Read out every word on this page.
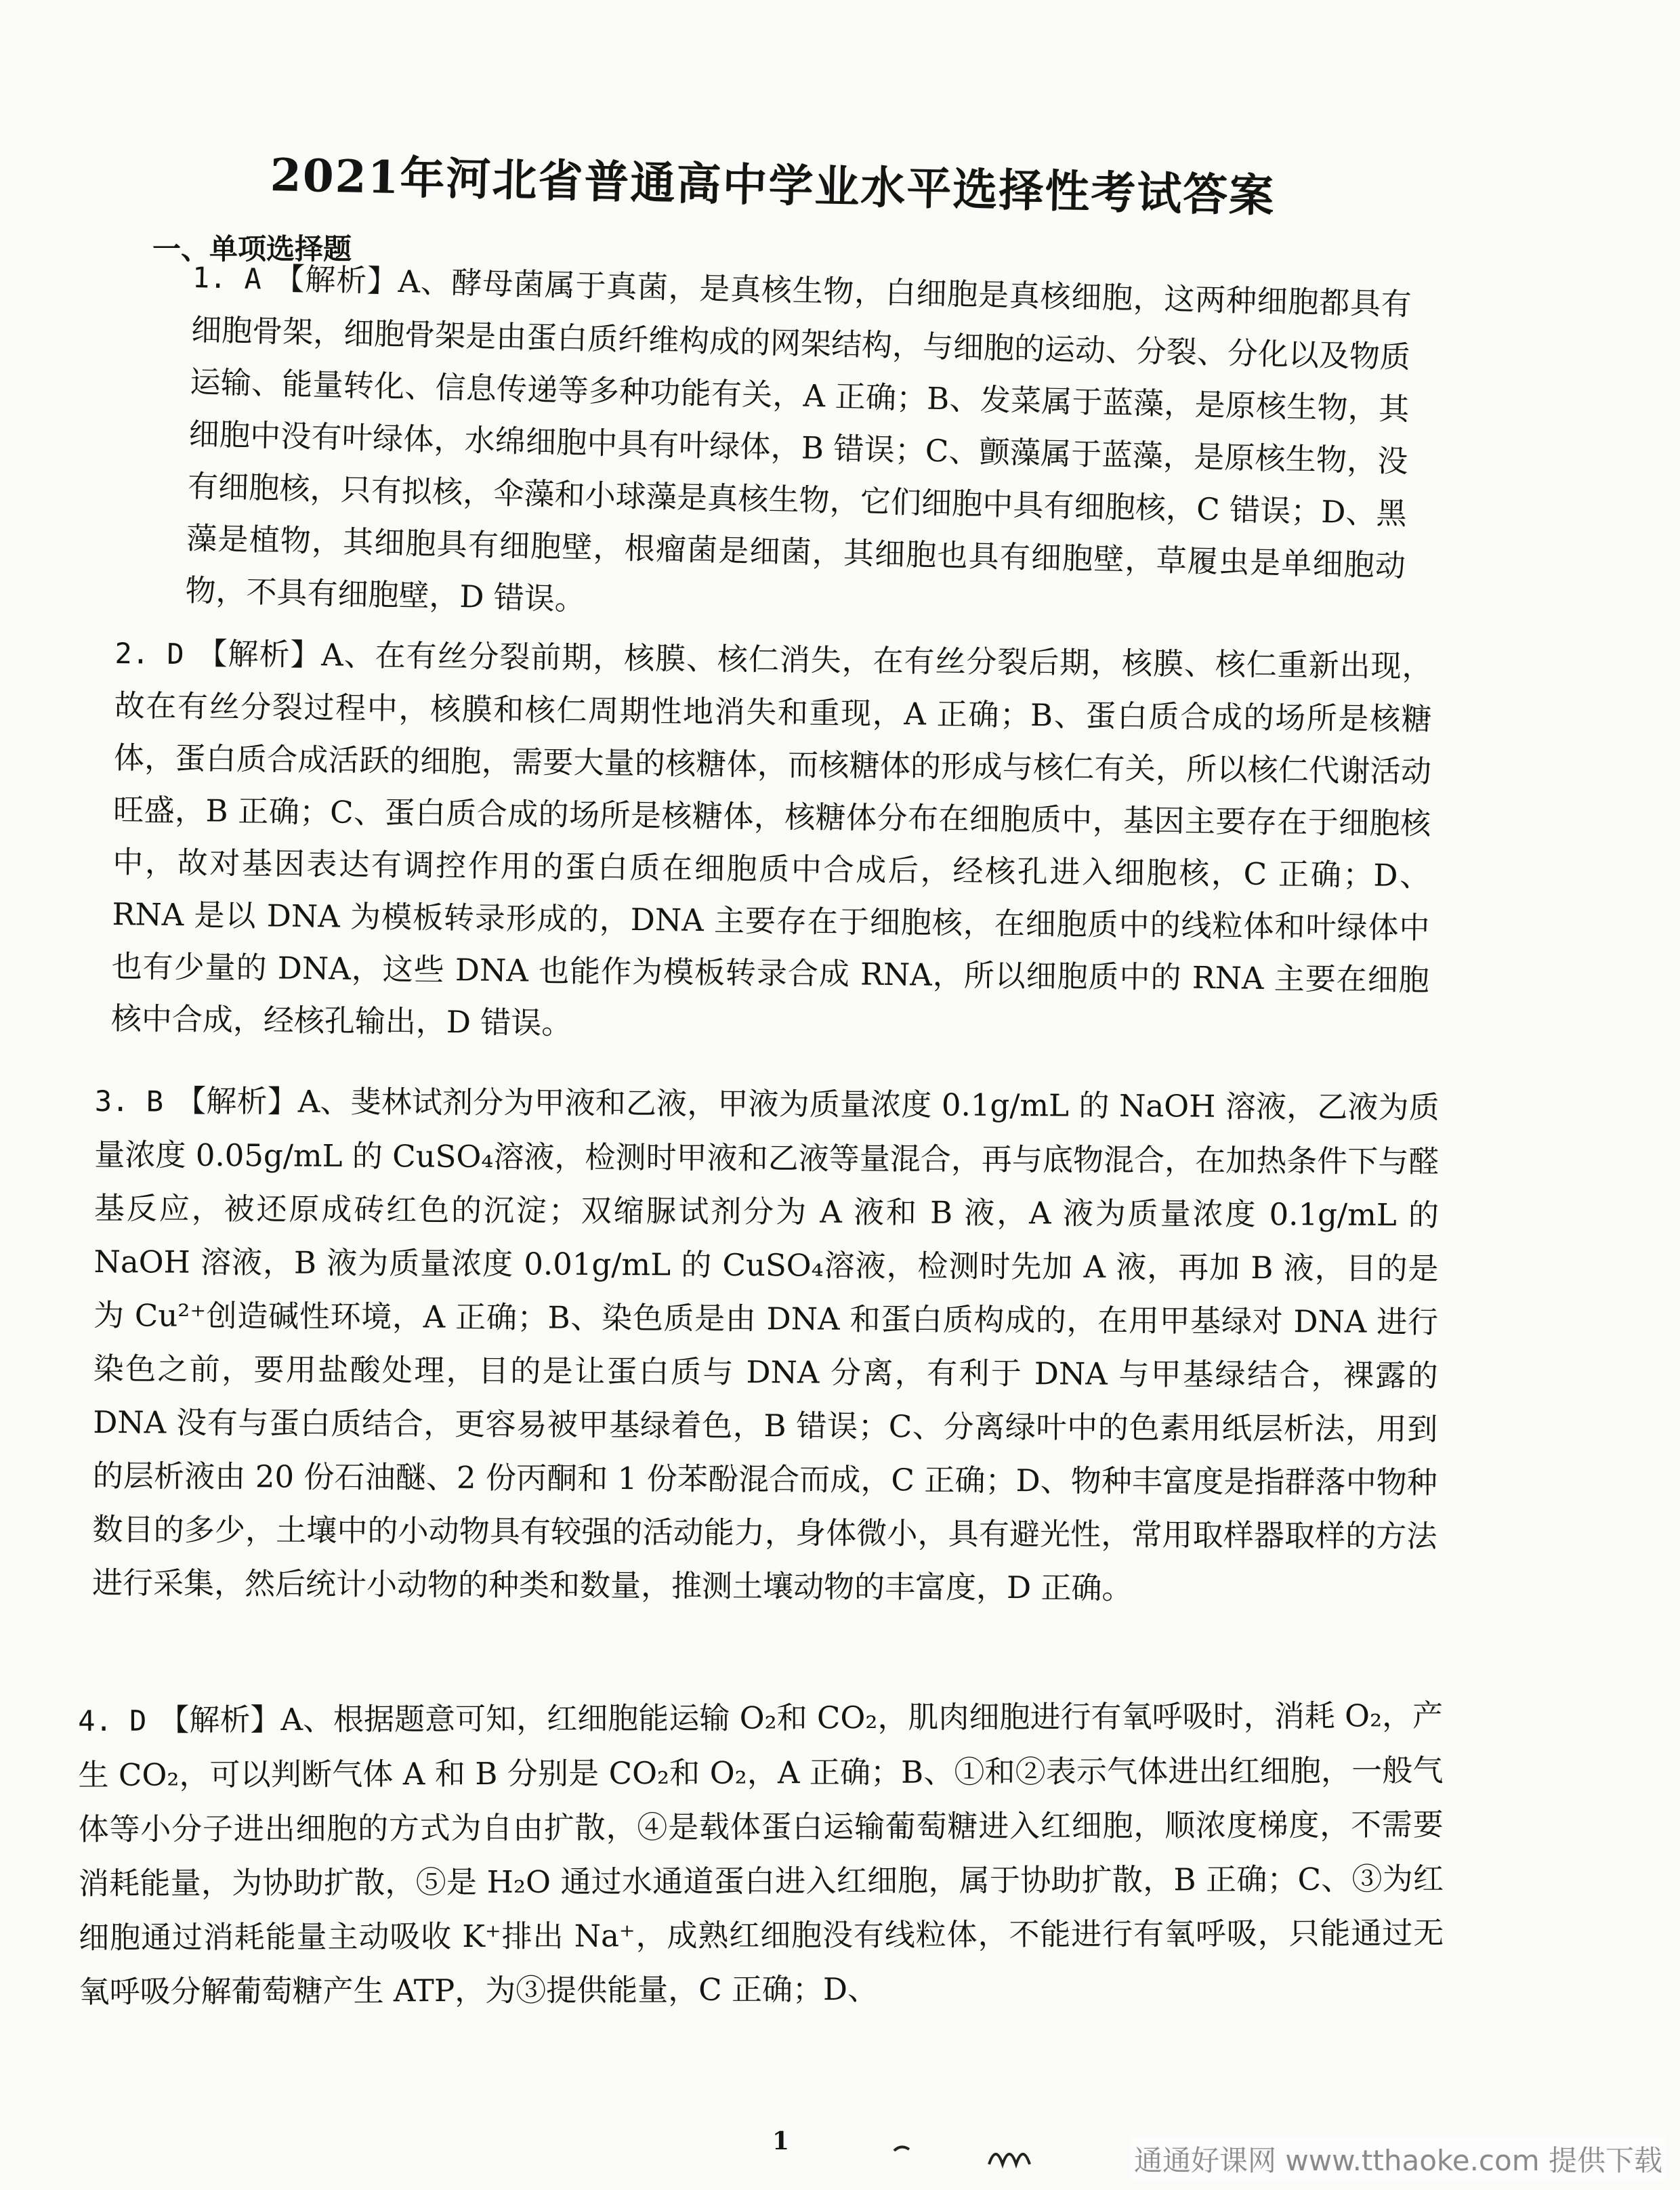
2021年河北省普通高中学业水平选择性考试答案
一、单项选择题
1. A 【解析】A、酵母菌属于真菌，是真核生物，白细胞是真核细胞，这两种细胞都具有细胞骨架，细胞骨架是由蛋白质纤维构成的网架结构，与细胞的运动、分裂、分化以及物质运输、能量转化、信息传递等多种功能有关，A 正确；B、发菜属于蓝藻，是原核生物，其细胞中没有叶绿体，水绵细胞中具有叶绿体，B 错误；C、颤藻属于蓝藻，是原核生物，没有细胞核，只有拟核，伞藻和小球藻是真核生物，它们细胞中具有细胞核，C 错误；D、黑藻是植物，其细胞具有细胞壁，根瘤菌是细菌，其细胞也具有细胞壁，草履虫是单细胞动物，不具有细胞壁，D 错误。
2. D 【解析】A、在有丝分裂前期，核膜、核仁消失，在有丝分裂后期，核膜、核仁重新出现，故在有丝分裂过程中，核膜和核仁周期性地消失和重现，A 正确；B、蛋白质合成的场所是核糖体，蛋白质合成活跃的细胞，需要大量的核糖体，而核糖体的形成与核仁有关，所以核仁代谢活动旺盛，B 正确；C、蛋白质合成的场所是核糖体，核糖体分布在细胞质中，基因主要存在于细胞核中，故对基因表达有调控作用的蛋白质在细胞质中合成后，经核孔进入细胞核，C 正确；D、RNA 是以 DNA 为模板转录形成的，DNA 主要存在于细胞核，在细胞质中的线粒体和叶绿体中也有少量的 DNA，这些 DNA 也能作为模板转录合成 RNA，所以细胞质中的 RNA 主要在细胞核中合成，经核孔输出，D 错误。
3. B 【解析】A、斐林试剂分为甲液和乙液，甲液为质量浓度 0.1g/mL 的 NaOH 溶液，乙液为质量浓度 0.05g/mL 的 CuSO₄溶液，检测时甲液和乙液等量混合，再与底物混合，在加热条件下与醛基反应，被还原成砖红色的沉淀；双缩脲试剂分为 A 液和 B 液，A 液为质量浓度 0.1g/mL 的 NaOH 溶液，B 液为质量浓度 0.01g/mL 的 CuSO₄溶液，检测时先加 A 液，再加 B 液，目的是为 Cu²⁺创造碱性环境，A 正确；B、染色质是由 DNA 和蛋白质构成的，在用甲基绿对 DNA 进行染色之前，要用盐酸处理，目的是让蛋白质与 DNA 分离，有利于 DNA 与甲基绿结合，裸露的 DNA 没有与蛋白质结合，更容易被甲基绿着色，B 错误；C、分离绿叶中的色素用纸层析法，用到的层析液由 20 份石油醚、2 份丙酮和 1 份苯酚混合而成，C 正确；D、物种丰富度是指群落中物种数目的多少，土壤中的小动物具有较强的活动能力，身体微小，具有避光性，常用取样器取样的方法进行采集，然后统计小动物的种类和数量，推测土壤动物的丰富度，D 正确。
4. D 【解析】A、根据题意可知，红细胞能运输 O₂和 CO₂，肌肉细胞进行有氧呼吸时，消耗 O₂，产生 CO₂，可以判断气体 A 和 B 分别是 CO₂和 O₂，A 正确；B、①和②表示气体进出红细胞，一般气体等小分子进出细胞的方式为自由扩散，④是载体蛋白运输葡萄糖进入红细胞，顺浓度梯度，不需要消耗能量，为协助扩散，⑤是 H₂O 通过水通道蛋白进入红细胞，属于协助扩散，B 正确；C、③为红细胞通过消耗能量主动吸收 K⁺排出 Na⁺，成熟红细胞没有线粒体，不能进行有氧呼吸，只能通过无氧呼吸分解葡萄糖产生 ATP，为③提供能量，C 正确；D、
1
通通好课网 www.tthaoke.com 提供下载
